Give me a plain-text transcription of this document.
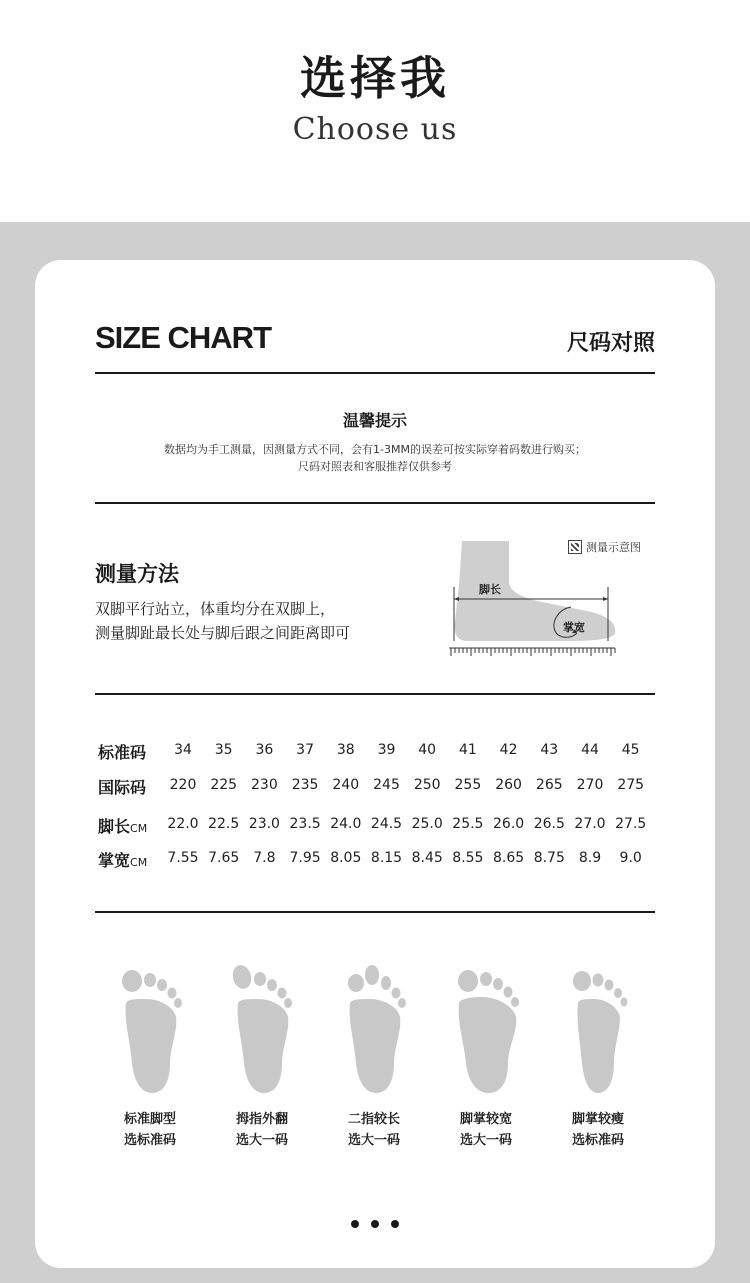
选择我
Choose us
SIZE CHART	尺码对照
温馨提示
数据均为手工测量，因测量方式不同，会有1-3MM的误差可按实际穿着码数进行购买；
尺码对照表和客服推荐仅供参考
测量方法
双脚平行站立，体重均分在双脚上，
测量脚趾最长处与脚后跟之间距离即可
测量示意图
脚长
掌宽
标准码	34	35	36	37	38	39	40	41	42	43	44	45
国际码	220 225 230 235 240 245 250 255 260 265 270 275
脚长CM	22.0 22.5 23.0 23.5 24.0 24.5 25.0 25.5 26.0 26.5 27.0 27.5
掌宽CM	7.55 7.65 7.8 7.95 8.05 8.15 8.45 8.55 8.65 8.75 8.9	9.0
标准脚型
选标准码
拇指外翻
选大一码
二指较长
选大一码
脚掌较宽
选大一码
脚掌较瘦
选标准码
